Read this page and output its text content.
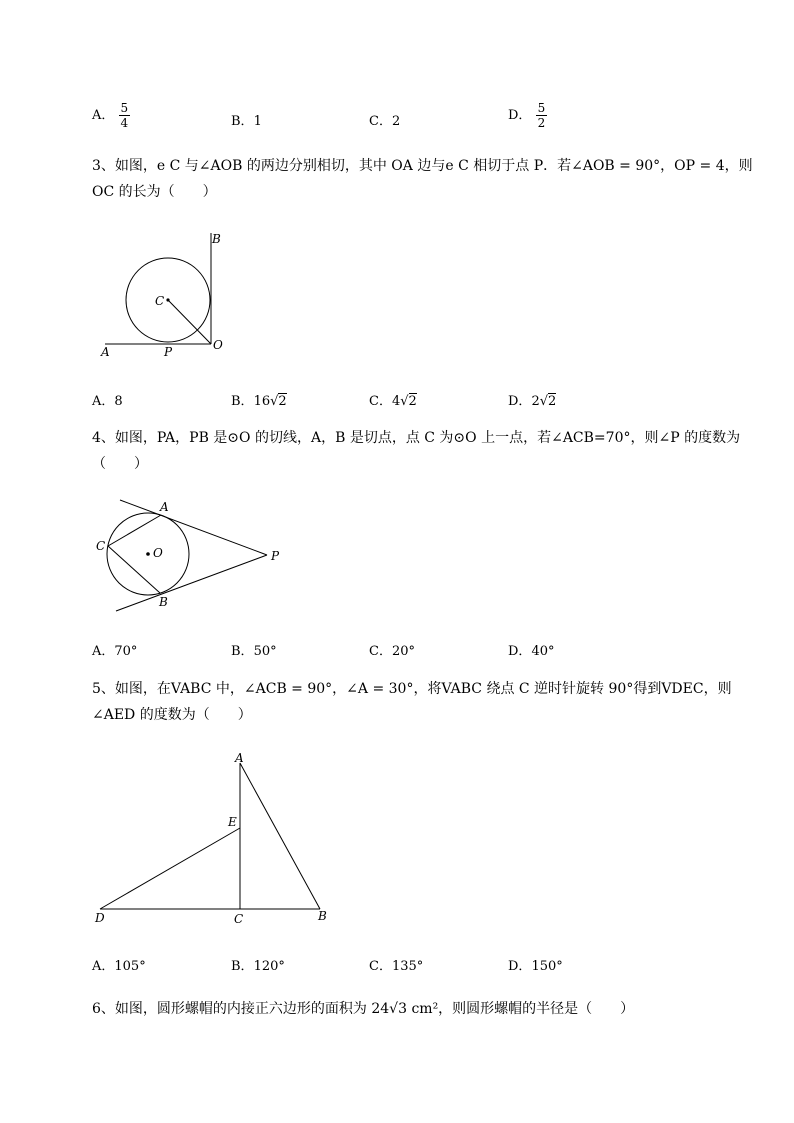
A． $\frac{5}{4}$	B．1	C．2	D． $\frac{5}{2}$
3、如图，e C 与∠AOB 的两边分别相切，其中 OA 边与e C 相切于点 P．若∠AOB = 90°，OP = 4，则
OC 的长为（　　）
B
C
A	P	O
A．8	B．16√2	C．4√2	D．2√2
4、如图，PA，PB 是⊙O 的切线，A，B 是切点，点 C 为⊙O 上一点，若∠ACB=70°，则∠P 的度数为
（　　）
A
C	O	P
B
A．70°	B．50°	C．20°	D．40°
5、如图，在VABC 中，∠ACB = 90°，∠A = 30°，将VABC 绕点 C 逆时针旋转 90°得到VDEC，则
∠AED 的度数为（　　）
A
E
D	C	B
A．105°	B．120°	C．135°	D．150°
6、如图，圆形螺帽的内接正六边形的面积为 24√3 cm²，则圆形螺帽的半径是（　　）
